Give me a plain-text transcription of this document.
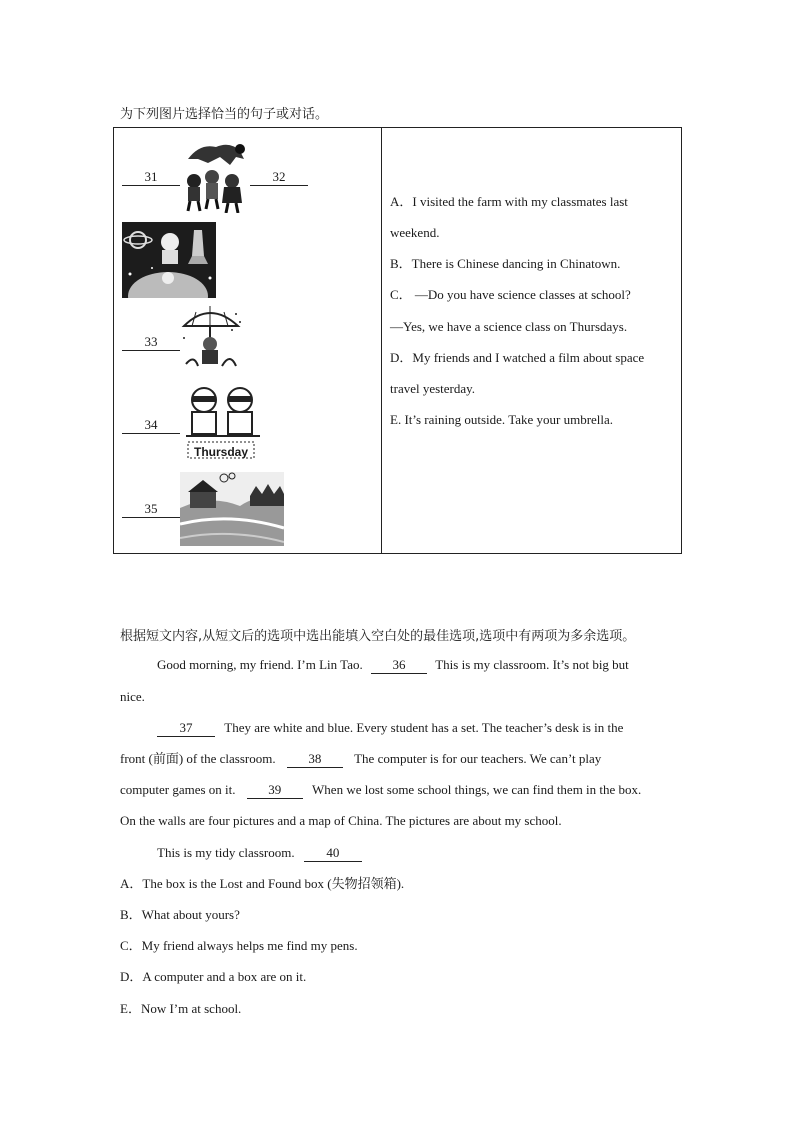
为下列图片选择恰当的句子或对话。
31	32
33
34
Thursday
35

A．I visited the farm with my classmates last
weekend.
B．There is Chinese dancing in Chinatown.
C． —Do you have science classes at school?
—Yes, we have a science class on Thursdays.
D．My friends and I watched a film about space
travel yesterday.
E. It’s raining outside. Take your umbrella.
根据短文内容,从短文后的选项中选出能填入空白处的最佳选项,选项中有两项为多余选项。
Good morning, my friend. I’m Lin Tao. 36 This is my classroom. It’s not big but
nice.
37 They are white and blue. Every student has a set. The teacher’s desk is in the
front (前面) of the classroom.	38	The computer is for our teachers. We can’t play
computer games on it.	39 When we lost some school things, we can find them in the box.
On the walls are four pictures and a map of China. The pictures are about my school.
This is my tidy classroom. 40
A．The box is the Lost and Found box (失物招领箱).
B．What about yours?
C．My friend always helps me find my pens.
D．A computer and a box are on it.
E．Now I’m at school.
